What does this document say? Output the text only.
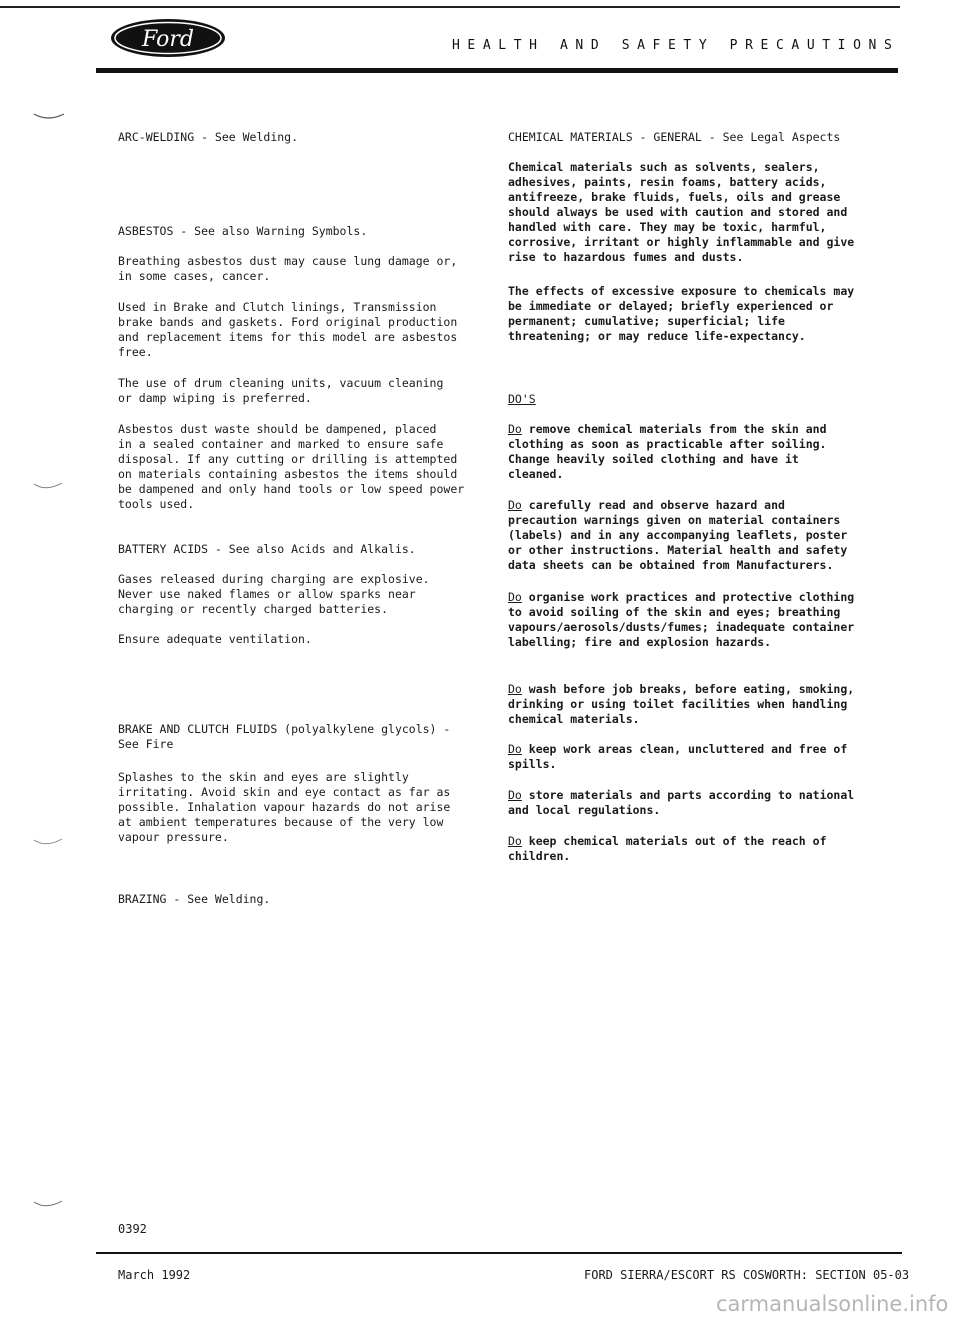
Ford	HEALTH AND SAFETY PRECAUTIONS
ARC-WELDING - See Welding.
ASBESTOS - See also Warning Symbols.
Breathing asbestos dust may cause lung damage or,
in some cases, cancer.
Used in Brake and Clutch linings, Transmission
brake bands and gaskets. Ford original production
and replacement items for this model are asbestos
free.
The use of drum cleaning units, vacuum cleaning
or damp wiping is preferred.
Asbestos dust waste should be dampened, placed
in a sealed container and marked to ensure safe
disposal. If any cutting or drilling is attempted
on materials containing asbestos the items should
be dampened and only hand tools or low speed power
tools used.
BATTERY ACIDS - See also Acids and Alkalis.
Gases released during charging are explosive.
Never use naked flames or allow sparks near
charging or recently charged batteries.
Ensure adequate ventilation.
BRAKE AND CLUTCH FLUIDS (polyalkylene glycols) -
See Fire
Splashes to the skin and eyes are slightly
irritating. Avoid skin and eye contact as far as
possible. Inhalation vapour hazards do not arise
at ambient temperatures because of the very low
vapour pressure.
BRAZING - See Welding.
CHEMICAL MATERIALS - GENERAL - See Legal Aspects
Chemical materials such as solvents, sealers,
adhesives, paints, resin foams, battery acids,
antifreeze, brake fluids, fuels, oils and grease
should always be used with caution and stored and
handled with care. They may be toxic, harmful,
corrosive, irritant or highly inflammable and give
rise to hazardous fumes and dusts.
The effects of excessive exposure to chemicals may
be immediate or delayed; briefly experienced or
permanent; cumulative; superficial; life
threatening; or may reduce life-expectancy.
DO'S
Do remove chemical materials from the skin and
clothing as soon as practicable after soiling.
Change heavily soiled clothing and have it
cleaned.
Do carefully read and observe hazard and
precaution warnings given on material containers
(labels) and in any accompanying leaflets, poster
or other instructions. Material health and safety
data sheets can be obtained from Manufacturers.
Do organise work practices and protective clothing
to avoid soiling of the skin and eyes; breathing
vapours/aerosols/dusts/fumes; inadequate container
labelling; fire and explosion hazards.
Do wash before job breaks, before eating, smoking,
drinking or using toilet facilities when handling
chemical materials.
Do keep work areas clean, uncluttered and free of
spills.
Do store materials and parts according to national
and local regulations.
Do keep chemical materials out of the reach of
children.
0392
March 1992	FORD SIERRA/ESCORT RS COSWORTH: SECTION 05-03
carmanualsonline.info
